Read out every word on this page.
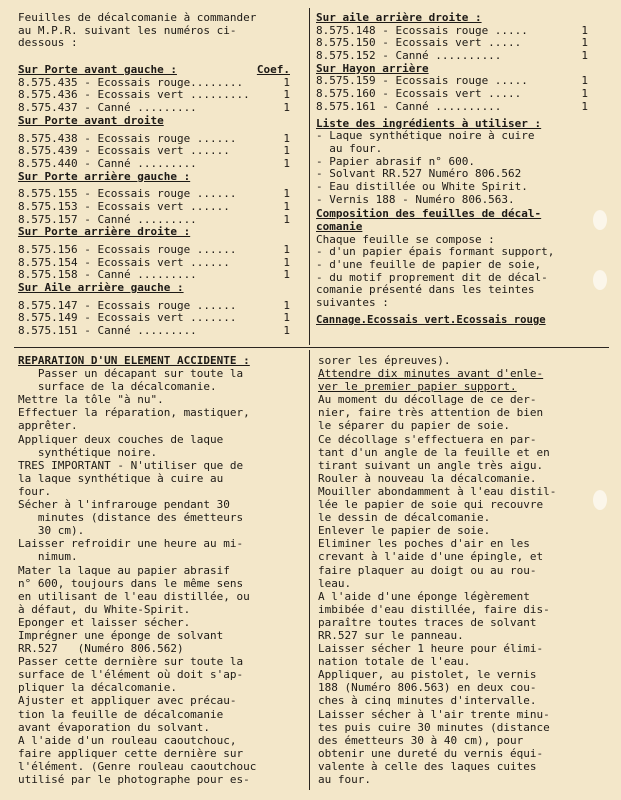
Feuilles de décalcomanie à commander
au M.P.R. suivant les numéros ci-
dessous :
Sur Porte avant gauche :	Coef.
8.575.435 - Ecossais rouge........	1
8.575.436 - Ecossais vert .........	1
8.575.437 - Canné .........	1
Sur Porte avant droite
8.575.438 - Ecossais rouge ......	1
8.575.439 - Ecossais vert ......	1
8.575.440 - Canné .........	1
Sur Porte arrière gauche :
8.575.155 - Ecossais rouge ......	1
8.575.153 - Ecossais vert ......	1
8.575.157 - Canné .........	1
Sur Porte arrière droite :
8.575.156 - Ecossais rouge ......	1
8.575.154 - Ecossais vert ......	1
8.575.158 - Canné .........	1
Sur Aile arrière gauche :
8.575.147 - Ecossais rouge ......	1
8.575.149 - Ecossais vert .......	1
8.575.151 - Canné .........	1
Sur aile arrière droite :
8.575.148 - Ecossais rouge .....	1
8.575.150 - Ecossais vert .....	1
8.575.152 - Canné ..........	1
Sur Hayon arrière
8.575.159 - Ecossais rouge .....	1
8.575.160 - Ecossais vert .....	1
8.575.161 - Canné ..........	1
Liste des ingrédients à utiliser :
- Laque synthétique noire à cuire
au four.
- Papier abrasif n° 600.
- Solvant RR.527 Numéro 806.562
- Eau distillée ou White Spirit.
- Vernis 188 - Numéro 806.563.
Composition des feuilles de décal-
comanie
Chaque feuille se compose :
- d'un papier épais formant support,
- d'une feuille de papier de soie,
- du motif proprement dit de décal-
comanie présenté dans les teintes
suivantes :
Cannage.Ecossais vert.Ecossais rouge
REPARATION D'UN ELEMENT ACCIDENTE :
Passer un décapant sur toute la
surface de la décalcomanie.
Mettre la tôle "à nu".
Effectuer la réparation, mastiquer,
apprêter.
Appliquer deux couches de laque
synthétique noire.
TRES IMPORTANT - N'utiliser que de
la laque synthétique à cuire au
four.
Sécher à l'infrarouge pendant 30
minutes (distance des émetteurs
30 cm).
Laisser refroidir une heure au mi-
nimum.
Mater la laque au papier abrasif
n° 600, toujours dans le même sens
en utilisant de l'eau distillée, ou
à défaut, du White-Spirit.
Eponger et laisser sécher.
Imprégner une éponge de solvant
RR.527   (Numéro 806.562)
Passer cette dernière sur toute la
surface de l'élément où doit s'ap-
pliquer la décalcomanie.
Ajuster et appliquer avec précau-
tion la feuille de décalcomanie
avant évaporation du solvant.
A l'aide d'un rouleau caoutchouc,
faire appliquer cette dernière sur
l'élément. (Genre rouleau caoutchouc
utilisé par le photographe pour es-
sorer les épreuves).
Attendre dix minutes avant d'enle-
ver le premier papier support.
Au moment du décollage de ce der-
nier, faire très attention de bien
le séparer du papier de soie.
Ce décollage s'effectuera en par-
tant d'un angle de la feuille et en
tirant suivant un angle très aigu.
Rouler à nouveau la décalcomanie.
Mouiller abondamment à l'eau distil-
lée le papier de soie qui recouvre
le dessin de décalcomanie.
Enlever le papier de soie.
Eliminer les poches d'air en les
crevant à l'aide d'une épingle, et
faire plaquer au doigt ou au rou-
leau.
A l'aide d'une éponge légèrement
imbibée d'eau distillée, faire dis-
paraître toutes traces de solvant
RR.527 sur le panneau.
Laisser sécher 1 heure pour élimi-
nation totale de l'eau.
Appliquer, au pistolet, le vernis
188 (Numéro 806.563) en deux cou-
ches à cinq minutes d'intervalle.
Laisser sécher à l'air trente minu-
tes puis cuire 30 minutes (distance
des émetteurs 30 à 40 cm), pour
obtenir une dureté du vernis équi-
valente à celle des laques cuites
au four.
